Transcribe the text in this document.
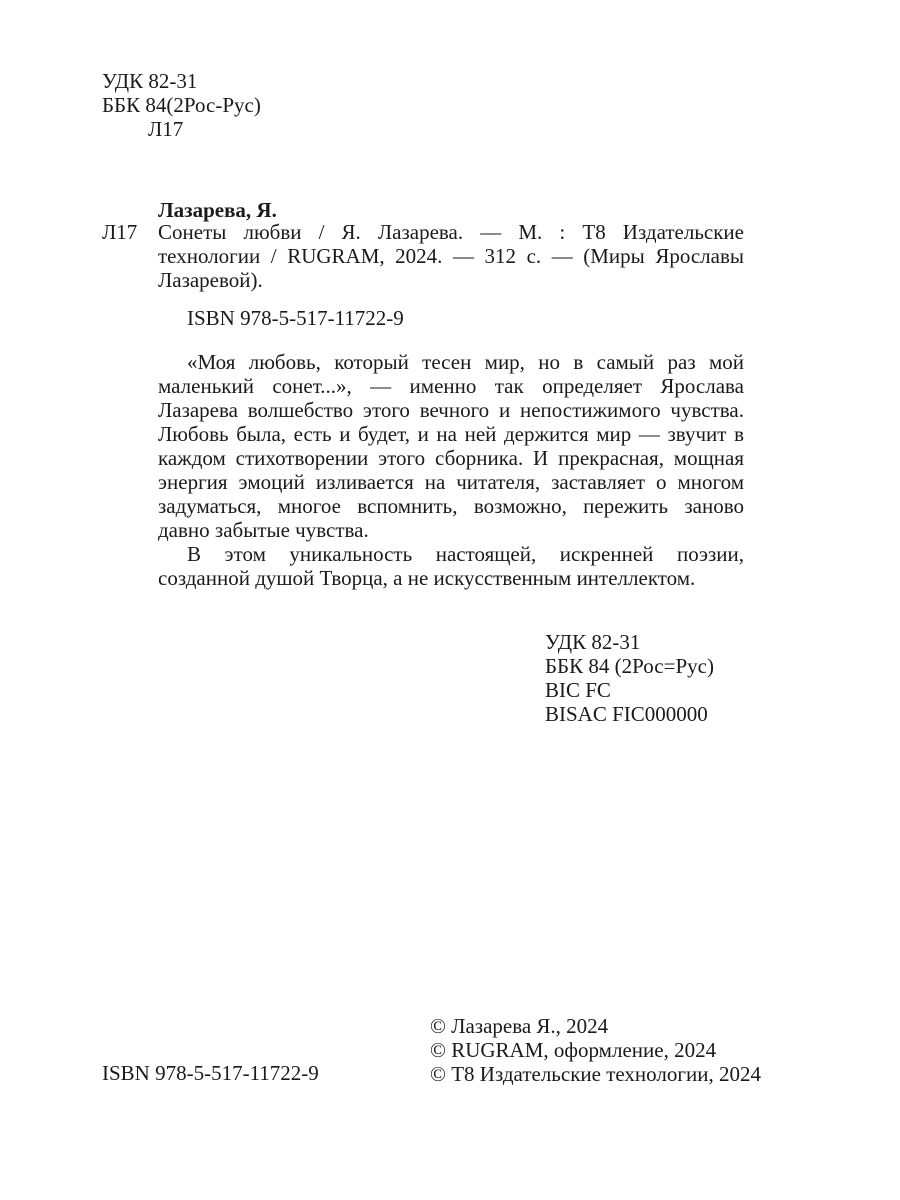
УДК 82-31
ББК 84(2Рос-Рус)
Л17
Лазарева, Я.
Л17 Сонеты любви / Я. Лазарева. — М. : Т8 Издательские технологии / RUGRAM, 2024. — 312 с. — (Миры Ярославы Лазаревой).
ISBN 978-5-517-11722-9

«Моя любовь, который тесен мир, но в самый раз мой маленький сонет...», — именно так определяет Ярослава Лазарева волшебство этого вечного и непостижимого чувства. Любовь была, есть и будет, и на ней держится мир — звучит в каждом стихотворении этого сборника. И прекрасная, мощная энергия эмоций изливается на читателя, заставляет о многом задуматься, многое вспомнить, возможно, пережить заново давно забытые чувства.

В этом уникальность настоящей, искренней поэзии, созданной душой Творца, а не искусственным интеллектом.

УДК 82-31
ББК 84 (2Рос=Рус)
BIC FC
BISAC FIC000000
© Лазарева Я., 2024
© RUGRAM, оформление, 2024
© Т8 Издательские технологии, 2024
ISBN 978-5-517-11722-9
